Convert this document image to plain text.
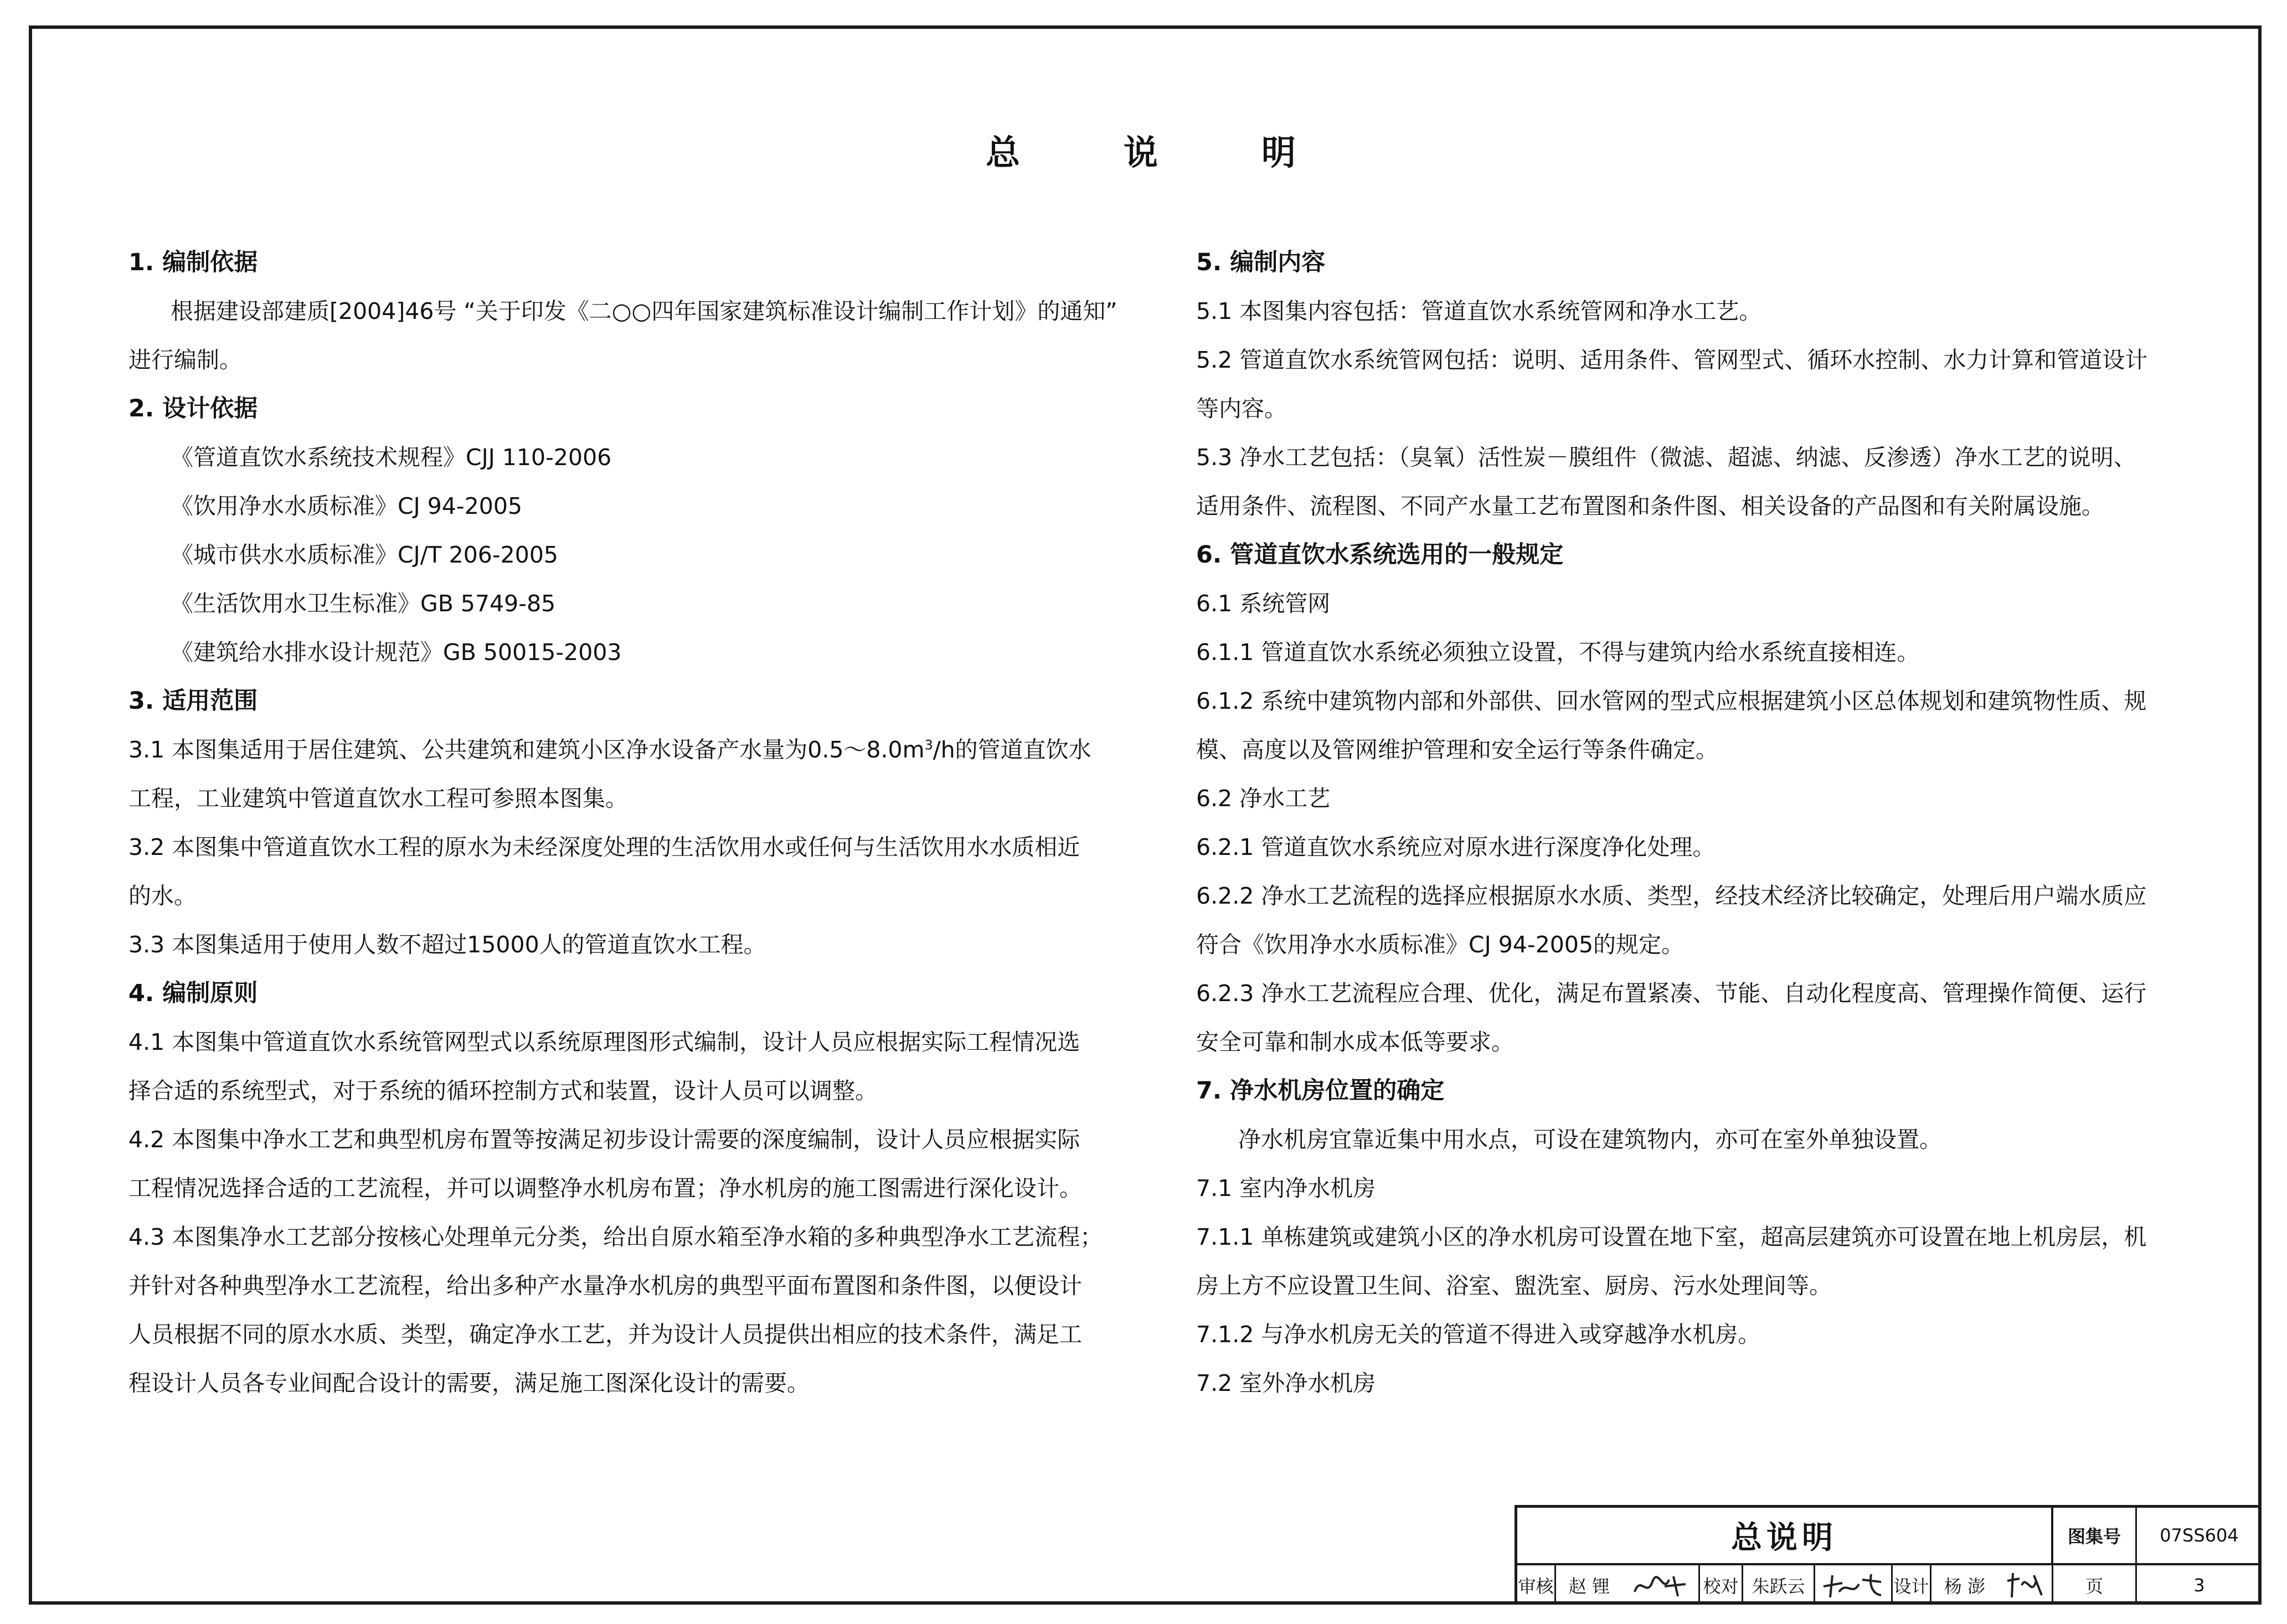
总	说	明
1. 编制依据
根据建设部建质[2004]46号 “关于印发《二○○四年国家建筑标准设计编制工作计划》的通知”
进行编制。
2. 设计依据
《管道直饮水系统技术规程》CJJ 110-2006
《饮用净水水质标准》CJ 94-2005
《城市供水水质标准》CJ/T 206-2005
《生活饮用水卫生标准》GB 5749-85
《建筑给水排水设计规范》GB 50015-2003
3. 适用范围
3.1 本图集适用于居住建筑、公共建筑和建筑小区净水设备产水量为$0.5\sim 8.0m^3/h$的管道直饮水
工程，工业建筑中管道直饮水工程可参照本图集。
3.2 本图集中管道直饮水工程的原水为未经深度处理的生活饮用水或任何与生活饮用水水质相近
的水。
3.3 本图集适用于使用人数不超过15000人的管道直饮水工程。
4. 编制原则
4.1 本图集中管道直饮水系统管网型式以系统原理图形式编制，设计人员应根据实际工程情况选
择合适的系统型式，对于系统的循环控制方式和装置，设计人员可以调整。
4.2 本图集中净水工艺和典型机房布置等按满足初步设计需要的深度编制，设计人员应根据实际
工程情况选择合适的工艺流程，并可以调整净水机房布置；净水机房的施工图需进行深化设计。
4.3 本图集净水工艺部分按核心处理单元分类，给出自原水箱至净水箱的多种典型净水工艺流程；
并针对各种典型净水工艺流程，给出多种产水量净水机房的典型平面布置图和条件图，以便设计
人员根据不同的原水水质、类型，确定净水工艺，并为设计人员提供出相应的技术条件，满足工
程设计人员各专业间配合设计的需要，满足施工图深化设计的需要。
5. 编制内容
5.1 本图集内容包括：管道直饮水系统管网和净水工艺。
5.2 管道直饮水系统管网包括：说明、适用条件、管网型式、循环水控制、水力计算和管道设计
等内容。
5.3 净水工艺包括：（臭氧）活性炭－膜组件（微滤、超滤、纳滤、反渗透）净水工艺的说明、
适用条件、流程图、不同产水量工艺布置图和条件图、相关设备的产品图和有关附属设施。
6. 管道直饮水系统选用的一般规定
6.1 系统管网
6.1.1 管道直饮水系统必须独立设置，不得与建筑内给水系统直接相连。
6.1.2 系统中建筑物内部和外部供、回水管网的型式应根据建筑小区总体规划和建筑物性质、规
模、高度以及管网维护管理和安全运行等条件确定。
6.2 净水工艺
6.2.1 管道直饮水系统应对原水进行深度净化处理。
6.2.2 净水工艺流程的选择应根据原水水质、类型，经技术经济比较确定，处理后用户端水质应
符合《饮用净水水质标准》CJ 94-2005的规定。
6.2.3 净水工艺流程应合理、优化，满足布置紧凑、节能、自动化程度高、管理操作简便、运行
安全可靠和制水成本低等要求。
7. 净水机房位置的确定
净水机房宜靠近集中用水点，可设在建筑物内，亦可在室外单独设置。
7.1 室内净水机房
7.1.1 单栋建筑或建筑小区的净水机房可设置在地下室，超高层建筑亦可设置在地上机房层，机
房上方不应设置卫生间、浴室、盥洗室、厨房、污水处理间等。
7.1.2 与净水机房无关的管道不得进入或穿越净水机房。
7.2 室外净水机房
总说明	图集号	07SS604
审核 赵 锂	校对 朱跃云	设计 杨 澎	页	3
